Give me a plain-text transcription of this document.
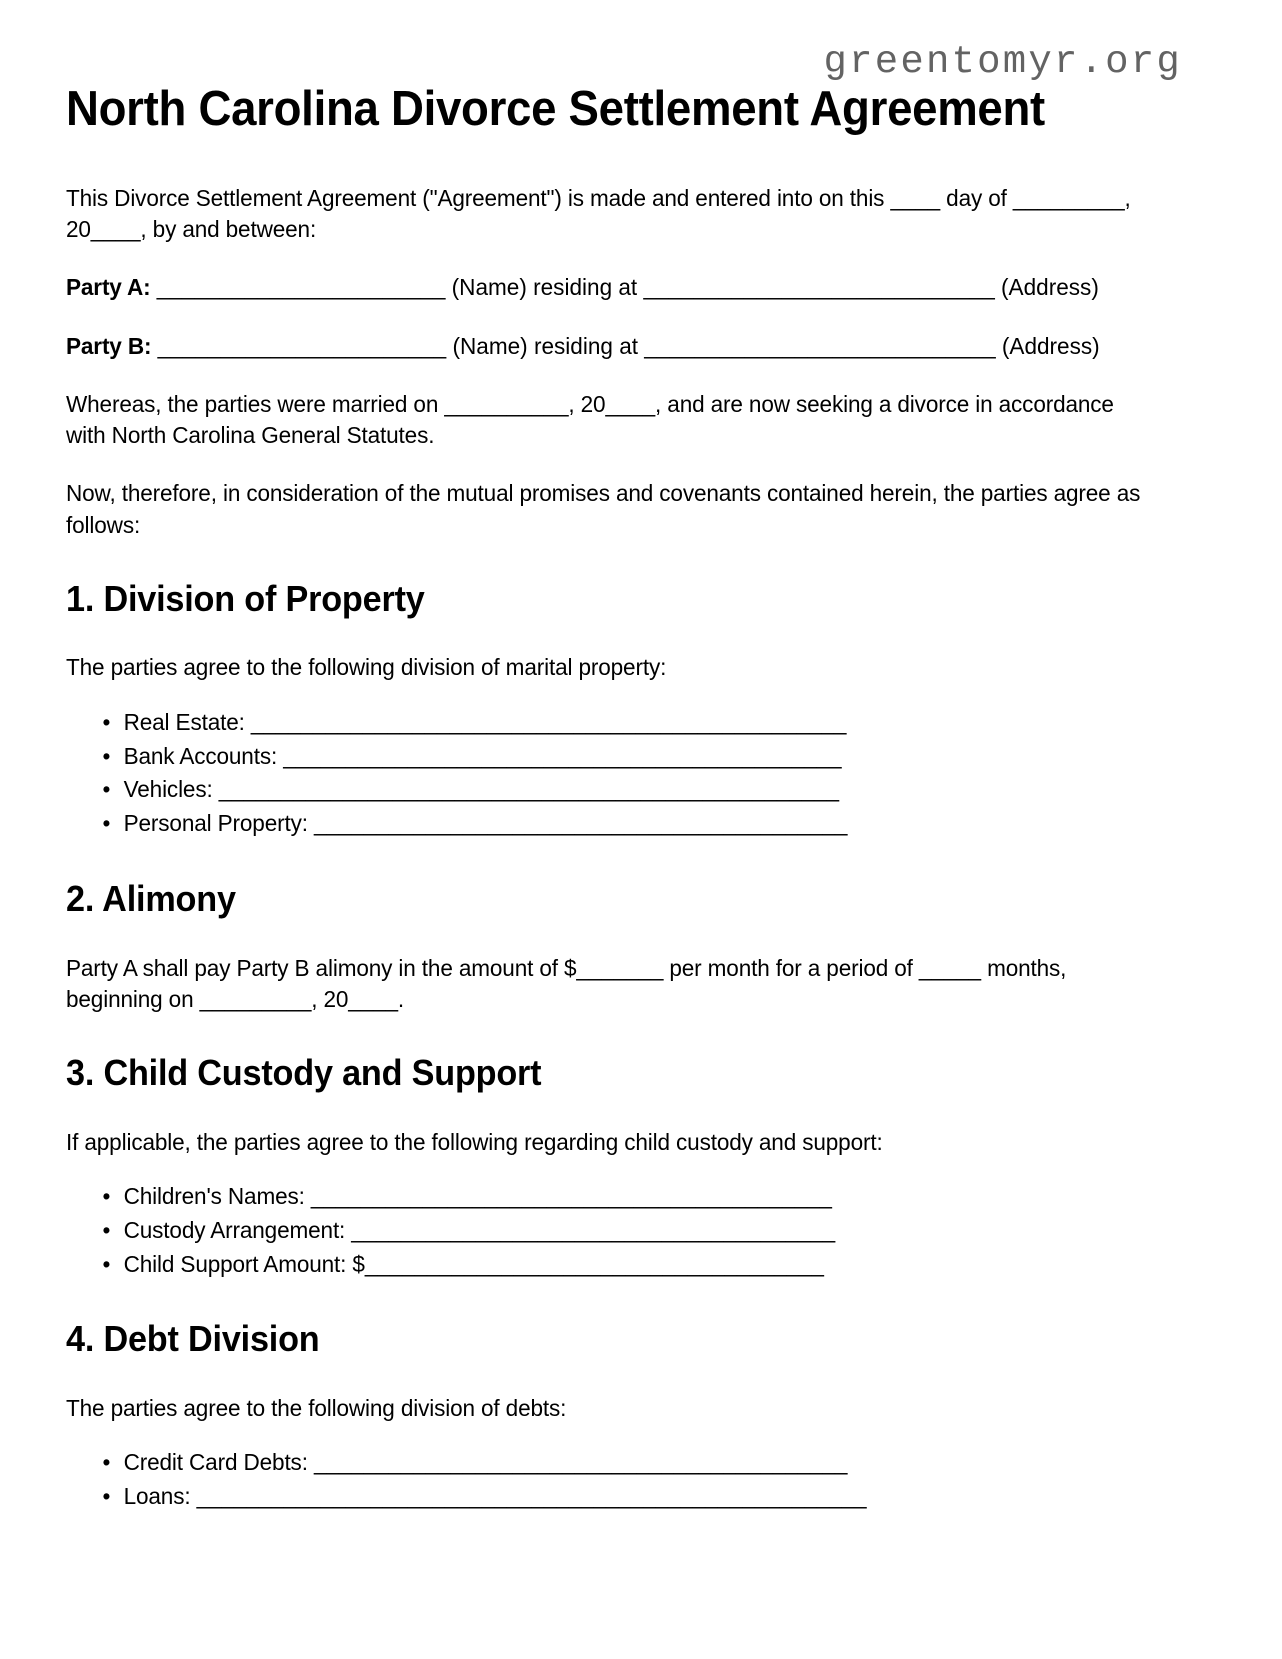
greentomyr.org
North Carolina Divorce Settlement Agreement

This Divorce Settlement Agreement ("Agreement") is made and entered into on this ____ day of _________, 20____, by and between:

Party A: _______________________ (Name) residing at ____________________________ (Address)

Party B: _______________________ (Name) residing at ____________________________ (Address)

Whereas, the parties were married on __________, 20____, and are now seeking a divorce in accordance with North Carolina General Statutes.

Now, therefore, in consideration of the mutual promises and covenants contained herein, the parties agree as follows:

1. Division of Property

The parties agree to the following division of marital property:

• Real Estate: ________________________________________________
• Bank Accounts: _____________________________________________
• Vehicles: __________________________________________________
• Personal Property: ___________________________________________
2. Alimony

Party A shall pay Party B alimony in the amount of $_______ per month for a period of _____ months, beginning on _________, 20____.

3. Child Custody and Support

If applicable, the parties agree to the following regarding child custody and support:

• Children's Names: __________________________________________
• Custody Arrangement: _______________________________________
• Child Support Amount: $_____________________________________
4. Debt Division

The parties agree to the following division of debts:

• Credit Card Debts: ___________________________________________
• Loans: ______________________________________________________
